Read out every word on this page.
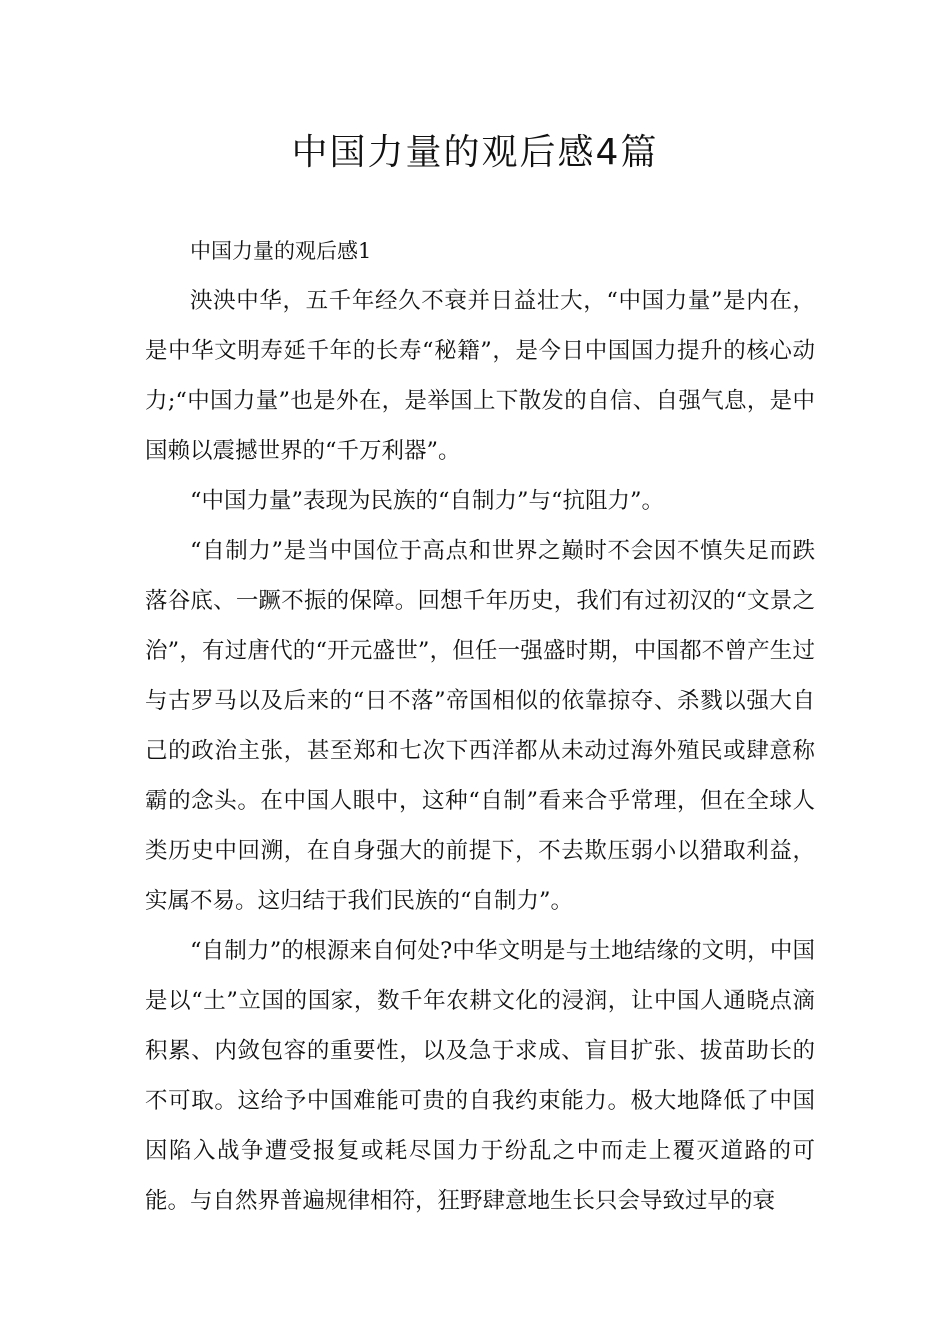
中国力量的观后感4篇

中国力量的观后感1

泱泱中华，五千年经久不衰并日益壮大，“中国力量”是内在，是中华文明寿延千年的长寿“秘籍”，是今日中国国力提升的核心动力;“中国力量”也是外在，是举国上下散发的自信、自强气息，是中国赖以震撼世界的“千万利器”。

“中国力量”表现为民族的“自制力”与“抗阻力”。

“自制力”是当中国位于高点和世界之巅时不会因不慎失足而跌落谷底、一蹶不振的保障。回想千年历史，我们有过初汉的“文景之治”，有过唐代的“开元盛世”，但任一强盛时期，中国都不曾产生过与古罗马以及后来的“日不落”帝国相似的依靠掠夺、杀戮以强大自己的政治主张，甚至郑和七次下西洋都从未动过海外殖民或肆意称霸的念头。在中国人眼中，这种“自制”看来合乎常理，但在全球人类历史中回溯，在自身强大的前提下，不去欺压弱小以猎取利益，实属不易。这归结于我们民族的“自制力”。

“自制力”的根源来自何处?中华文明是与土地结缘的文明，中国是以“土”立国的国家，数千年农耕文化的浸润，让中国人通晓点滴积累、内敛包容的重要性，以及急于求成、盲目扩张、拔苗助长的不可取。这给予中国难能可贵的自我约束能力。极大地降低了中国因陷入战争遭受报复或耗尽国力于纷乱之中而走上覆灭道路的可能。与自然界普遍规律相符，狂野肆意地生长只会导致过早的衰
